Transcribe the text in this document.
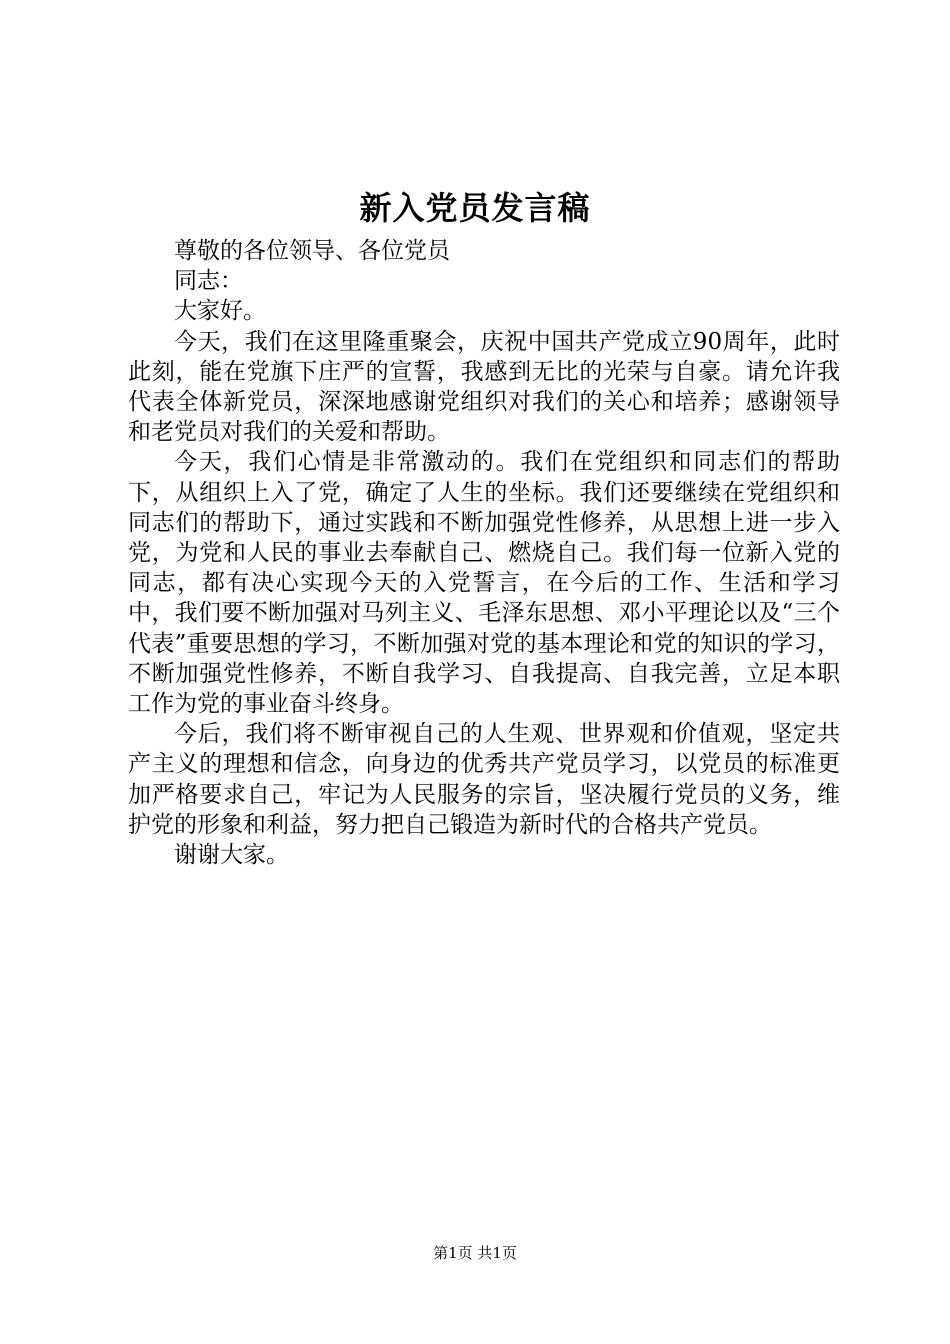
新入党员发言稿

尊敬的各位领导、各位党员

同志：

大家好。

今天，我们在这里隆重聚会，庆祝中国共产党成立90周年，此时此刻，能在党旗下庄严的宣誓，我感到无比的光荣与自豪。请允许我代表全体新党员，深深地感谢党组织对我们的关心和培养；感谢领导和老党员对我们的关爱和帮助。

今天，我们心情是非常激动的。我们在党组织和同志们的帮助下，从组织上入了党，确定了人生的坐标。我们还要继续在党组织和同志们的帮助下，通过实践和不断加强党性修养，从思想上进一步入党，为党和人民的事业去奉献自己、燃烧自己。我们每一位新入党的同志，都有决心实现今天的入党誓言，在今后的工作、生活和学习中，我们要不断加强对马列主义、毛泽东思想、邓小平理论以及“三个代表”重要思想的学习，不断加强对党的基本理论和党的知识的学习，不断加强党性修养，不断自我学习、自我提高、自我完善，立足本职工作为党的事业奋斗终身。

今后，我们将不断审视自己的人生观、世界观和价值观，坚定共产主义的理想和信念，向身边的优秀共产党员学习，以党员的标准更加严格要求自己，牢记为人民服务的宗旨，坚决履行党员的义务，维护党的形象和利益，努力把自己锻造为新时代的合格共产党员。

谢谢大家。

第1页 共1页
